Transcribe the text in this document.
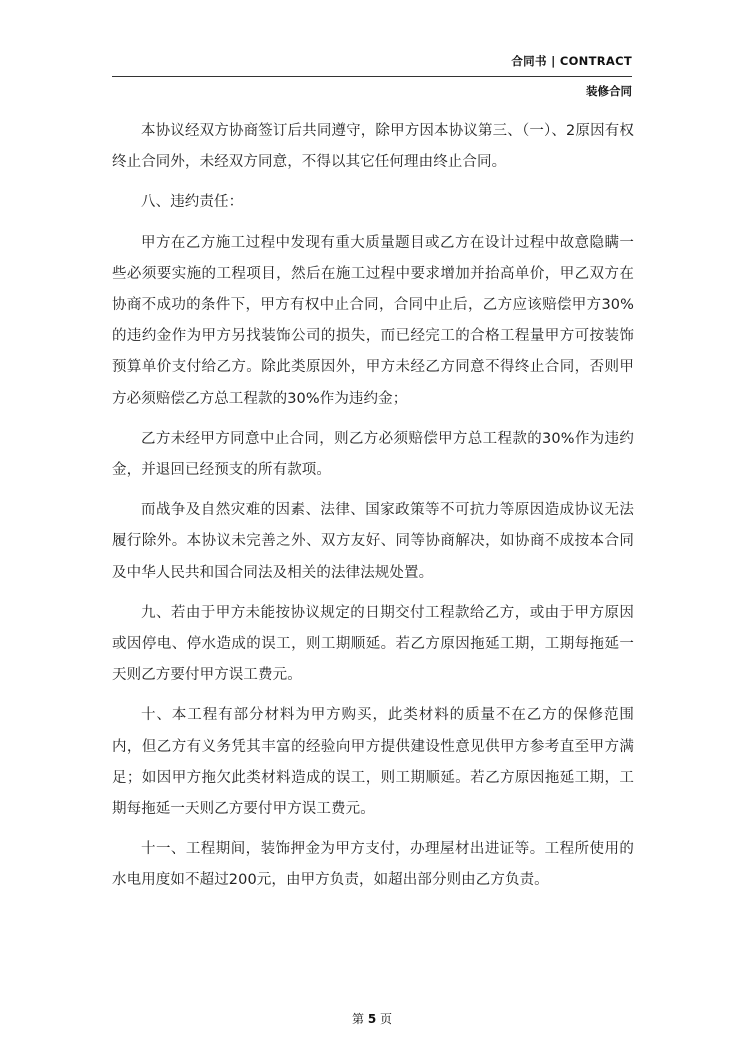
合同书 | CONTRACT
装修合同

本协议经双方协商签订后共同遵守，除甲方因本协议第三、（一）、2原因有权终止合同外，未经双方同意，不得以其它任何理由终止合同。

八、违约责任：

甲方在乙方施工过程中发现有重大质量题目或乙方在设计过程中故意隐瞒一些必须要实施的工程项目，然后在施工过程中要求增加并抬高单价，甲乙双方在协商不成功的条件下，甲方有权中止合同，合同中止后，乙方应该赔偿甲方30%的违约金作为甲方另找装饰公司的损失，而已经完工的合格工程量甲方可按装饰预算单价支付给乙方。除此类原因外，甲方未经乙方同意不得终止合同，否则甲方必须赔偿乙方总工程款的30%作为违约金；

乙方未经甲方同意中止合同，则乙方必须赔偿甲方总工程款的30%作为违约金，并退回已经预支的所有款项。

而战争及自然灾难的因素、法律、国家政策等不可抗力等原因造成协议无法履行除外。本协议未完善之外、双方友好、同等协商解决，如协商不成按本合同及中华人民共和国合同法及相关的法律法规处置。

九、若由于甲方未能按协议规定的日期交付工程款给乙方，或由于甲方原因或因停电、停水造成的误工，则工期顺延。若乙方原因拖延工期，工期每拖延一天则乙方要付甲方误工费元。

十、本工程有部分材料为甲方购买，此类材料的质量不在乙方的保修范围内，但乙方有义务凭其丰富的经验向甲方提供建设性意见供甲方参考直至甲方满足；如因甲方拖欠此类材料造成的误工，则工期顺延。若乙方原因拖延工期，工期每拖延一天则乙方要付甲方误工费元。

十一、工程期间，装饰押金为甲方支付，办理屋材出进证等。工程所使用的水电用度如不超过200元，由甲方负责，如超出部分则由乙方负责。

第 5 页
